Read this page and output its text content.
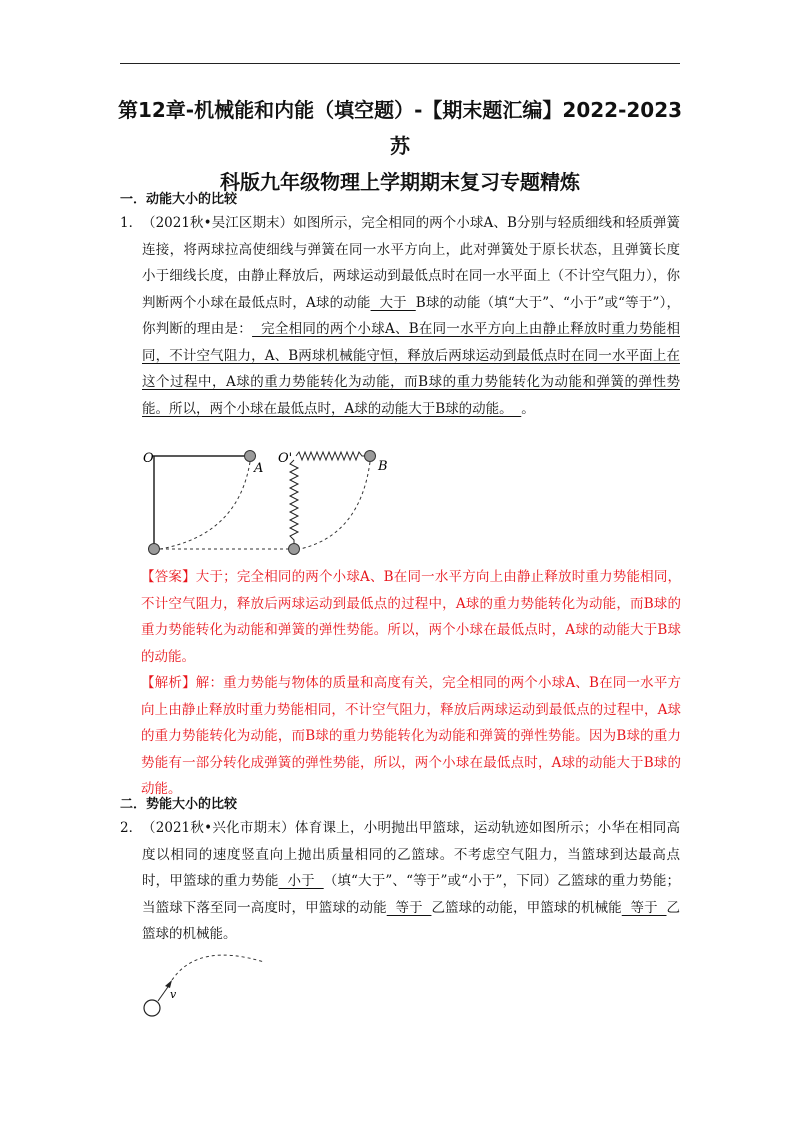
第12章-机械能和内能（填空题）-【期末题汇编】2022-2023苏
科版九年级物理上学期期末复习专题精炼
一．动能大小的比较
1． （2021秋•吴江区期末）如图所示，完全相同的两个小球A、B分别与轻质细线和轻质弹簧连接，将两球拉高使细线与弹簧在同一水平方向上，此对弹簧处于原长状态，且弹簧长度小于细线长度，由静止释放后，两球运动到最低点时在同一水平面上（不计空气阻力），你判断两个小球在最低点时，A球的动能  大于  B球的动能（填“大于”、“小于”或“等于”），你判断的理由是：  完全相同的两个小球A、B在同一水平方向上由静止释放时重力势能相同，不计空气阻力，A、B两球机械能守恒，释放后两球运动到最低点时在同一水平面上在这个过程中，A球的重力势能转化为动能，而B球的重力势能转化为动能和弹簧的弹性势能。所以，两个小球在最低点时，A球的动能大于B球的动能。  。
O
A
O'
B
【答案】大于；完全相同的两个小球A、B在同一水平方向上由静止释放时重力势能相同，不计空气阻力，释放后两球运动到最低点的过程中，A球的重力势能转化为动能，而B球的重力势能转化为动能和弹簧的弹性势能。所以，两个小球在最低点时，A球的动能大于B球的动能。
【解析】解：重力势能与物体的质量和高度有关，完全相同的两个小球A、B在同一水平方向上由静止释放时重力势能相同，不计空气阻力，释放后两球运动到最低点的过程中，A球的重力势能转化为动能，而B球的重力势能转化为动能和弹簧的弹性势能。因为B球的重力势能有一部分转化成弹簧的弹性势能，所以，两个小球在最低点时，A球的动能大于B球的动能。
二．势能大小的比较
2． （2021秋•兴化市期末）体育课上，小明抛出甲篮球，运动轨迹如图所示；小华在相同高度以相同的速度竖直向上抛出质量相同的乙篮球。不考虑空气阻力，当篮球到达最高点时，甲篮球的重力势能  小于  （填“大于”、“等于”或“小于”，下同）乙篮球的重力势能；当篮球下落至同一高度时，甲篮球的动能  等于  乙篮球的动能，甲篮球的机械能  等于  乙篮球的机械能。
v
